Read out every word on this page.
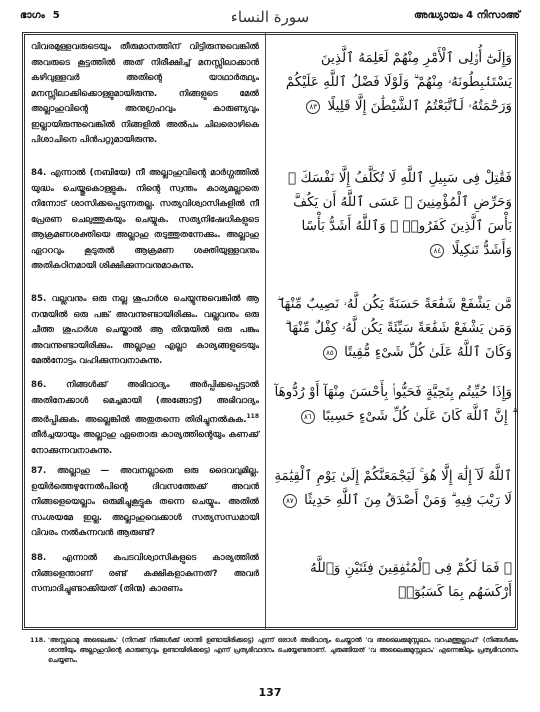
ഭാഗം 5	سورة النساء	അദ്ധ്യായം 4 നിസാഅ്

വിവരമുള്ളവരുടെയും തീരുമാനത്തിന് വിട്ടിരുന്നുവെങ്കിൽ അവരുടെ കൂട്ടത്തിൽ അത് നിരീക്ഷിച്ച് മനസ്സിലാക്കാൻ കഴിവുള്ളവർ അതിന്റെ യാഥാർത്ഥ്യം മനസ്സിലാക്കിക്കൊള്ളുമായിരുന്നു. നിങ്ങളുടെ മേൽ അല്ലാഹുവിന്റെ അനുഗ്രഹവും കാരുണ്യവും ഇല്ലായിരുന്നുവെങ്കിൽ നിങ്ങളിൽ അൽപം ചിലരൊഴികെ പിശാചിനെ പിൻപറ്റുമായിരുന്നു.

84. എന്നാൽ (നബിയേ) നീ അല്ലാഹുവിന്റെ മാർഗ്ഗത്തിൽ യുദ്ധം ചെയ്തുകൊള്ളുക. നിന്റെ സ്വന്തം കാര്യമല്ലാതെ നിന്നോട് ശാസിക്കപ്പെടുന്നതല്ല. സത്യവിശ്വാസികളിൽ നീ പ്രേരണ ചെലുത്തുകയും ചെയ്യുക. സത്യനിഷേധികളുടെ ആക്രമണശക്തിയെ അല്ലാഹു തടുത്തുതന്നേക്കും. അല്ലാഹു ഏററവും കൂടുതൽ ആക്രമണ ശക്തിയുള്ളവനും അതികഠിനമായി ശിക്ഷിക്കുന്നവനുമാകുന്നു.

85. വല്ലവനും ഒരു നല്ല ശുപാർശ ചെയ്യുന്നുവെങ്കിൽ ആ നന്മയിൽ ഒരു പങ്ക് അവന്നുണ്ടായിരിക്കും. വല്ലവനും ഒരു ചീത്ത ശുപാർശ ചെയ്താൽ ആ തിന്മയിൽ ഒരു പങ്കും അവന്നുണ്ടായിരിക്കും. അല്ലാഹു എല്ലാ കാര്യങ്ങളുടെയും മേൽനോട്ടം വഹിക്കുന്നവനാകുന്നു.

86. നിങ്ങൾക്ക് അഭിവാദ്യം അർപ്പിക്കപ്പെട്ടാൽ അതിനേക്കാൾ മെച്ചമായി (അങ്ങോട്ട്) അഭിവാദ്യം അർപ്പിക്കുക. അല്ലെങ്കിൽ അതുതന്നെ തിരിച്ചുനൽകുക.$^{118}$ തീർച്ചയായും അല്ലാഹു ഏതൊരു കാര്യത്തിന്റെയും കണക്ക് നോക്കുന്നവനാകുന്നു.

87. അല്ലാഹു — അവനല്ലാതെ ഒരു ദൈവവുമില്ല. ഉയിർത്തെഴുന്നേൽപിന്റെ ദിവസത്തേക്ക് അവൻ നിങ്ങളെയെല്ലാം ഒരുമിച്ചുകൂട്ടുക തന്നെ ചെയ്യും. അതിൽ സംശയമേ ഇല്ല. അല്ലാഹുവെക്കാൾ സത്യസന്ധമായി വിവരം നൽകുന്നവൻ ആരുണ്ട്?

88. എന്നാൽ കപടവിശ്വാസികളുടെ കാര്യത്തിൽ നിങ്ങളെന്താണ് രണ്ട് കക്ഷികളാകുന്നത്? അവർ സമ്പാദിച്ചുണ്ടാക്കിയത് (തിന്മ) കാരണം

وَإِلَىٰٓ أُو۟لِى ٱلْأَمْرِ مِنْهُمْ لَعَلِمَهُ ٱلَّذِينَ يَسْتَنۢبِطُونَهُۥ مِنْهُمْ ۗ وَلَوْلَا فَضْلُ ٱللَّهِ عَلَيْكُمْ وَرَحْمَتُهُۥ لَٱتَّبَعْتُمُ ٱلشَّيْطَٰنَ إِلَّا قَلِيلًا ٨٣

فَقَٰتِلْ فِى سَبِيلِ ٱللَّهِ لَا تُكَلَّفُ إِلَّا نَفْسَكَ ۚ وَحَرِّضِ ٱلْمُؤْمِنِينَ ۖ عَسَى ٱللَّهُ أَن يَكُفَّ بَأْسَ ٱلَّذِينَ كَفَرُوا۟ ۚ وَٱللَّهُ أَشَدُّ بَأْسًا وَأَشَدُّ تَنكِيلًا ٨٤

مَّن يَشْفَعْ شَفَٰعَةً حَسَنَةً يَكُن لَّهُۥ نَصِيبٌ مِّنْهَا ۖ وَمَن يَشْفَعْ شَفَٰعَةً سَيِّئَةً يَكُن لَّهُۥ كِفْلٌ مِّنْهَا ۗ وَكَانَ ٱللَّهُ عَلَىٰ كُلِّ شَىْءٍ مُّقِيتًا ٨٥

وَإِذَا حُيِّيتُم بِتَحِيَّةٍ فَحَيُّوا۟ بِأَحْسَنَ مِنْهَآ أَوْ رُدُّوهَآ ۗ إِنَّ ٱللَّهَ كَانَ عَلَىٰ كُلِّ شَىْءٍ حَسِيبًا ٨٦

ٱللَّهُ لَآ إِلَٰهَ إِلَّا هُوَ ۚ لَيَجْمَعَنَّكُمْ إِلَىٰ يَوْمِ ٱلْقِيَٰمَةِ لَا رَيْبَ فِيهِ ۗ وَمَنْ أَصْدَقُ مِنَ ٱللَّهِ حَدِيثًا ٨٧

۞ فَمَا لَكُمْ فِى ٱلْمُنَٰفِقِينَ فِئَتَيْنِ وَٱللَّهُ أَرْكَسَهُم بِمَا كَسَبُوٓا۟

118. 'അസ്സലാമു അലൈക്കും' (നിനക്ക് നിങ്ങൾക്ക് ശാന്തി ഉണ്ടായിരിക്കട്ടെ) എന്ന് ഒരാൾ അഭിവാദ്യം ചെയ്താൽ 'വ അലൈക്കുമുസ്സലാം വറഹ്മത്തുല്ലാഹ്' (നിങ്ങൾക്കും ശാന്തിയും അല്ലാഹുവിന്റെ കാരുണ്യവും ഉണ്ടായിരിക്കട്ടെ) എന്ന് പ്രത്യഭിവാദനം ചെയ്യേണ്ടതാണ്. ചുരുങ്ങിയത് 'വ അലൈക്കുമുസ്സലാം' എന്നെങ്കിലും പ്രത്യഭിവാദനം ചെയ്യണം.
137
